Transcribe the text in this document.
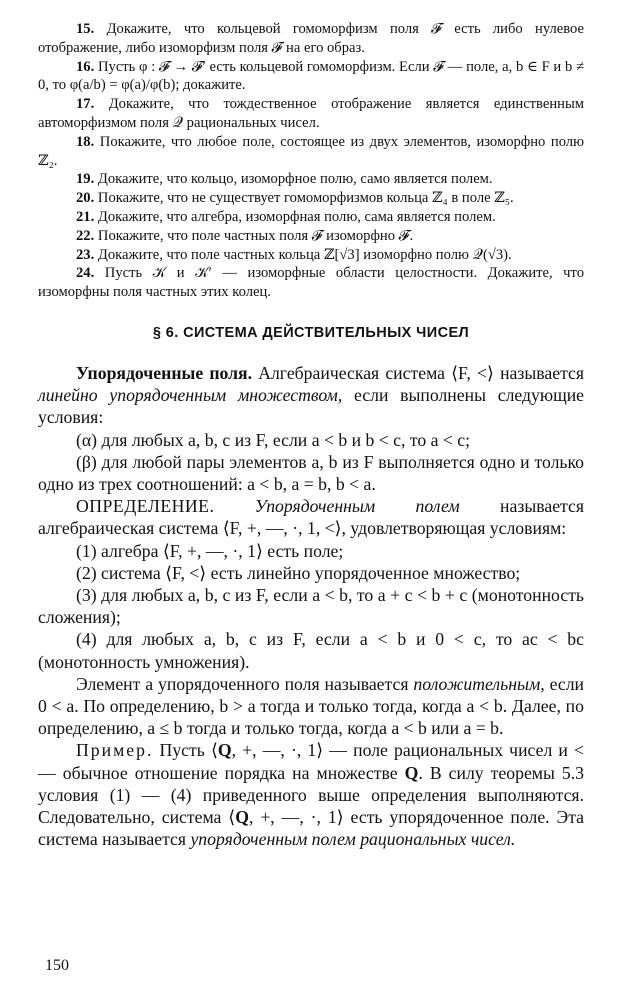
15. Докажите, что кольцевой гомоморфизм поля 𝓕 есть либо нулевое отображение, либо изоморфизм поля 𝓕 на его образ.

16. Пусть φ : 𝓕 → 𝓕′ есть кольцевой гомоморфизм. Если 𝓕 — поле, a, b ∈ F и b ≠ 0, то φ(a/b) = φ(a)/φ(b); докажите.

17. Докажите, что тождественное отображение является единственным автоморфизмом поля 𝒬 рациональных чисел.

18. Покажите, что любое поле, состоящее из двух элементов, изоморфно полю ℤ₂.

19. Докажите, что кольцо, изоморфное полю, само является полем.

20. Покажите, что не существует гомоморфизмов кольца ℤ₄ в поле ℤ₅.

21. Докажите, что алгебра, изоморфная полю, сама является полем.

22. Покажите, что поле частных поля 𝓕 изоморфно 𝓕.

23. Докажите, что поле частных кольца ℤ[√3] изоморфно полю 𝒬(√3).

24. Пусть 𝒦 и 𝒦′ — изоморфные области целостности. Докажите, что изоморфны поля частных этих колец.

§ 6. СИСТЕМА ДЕЙСТВИТЕЛЬНЫХ ЧИСЕЛ

Упорядоченные поля. Алгебраическая система ⟨F, <⟩ называется линейно упорядоченным множеством, если выполнены следующие условия:

(α) для любых a, b, c из F, если a < b и b < c, то a < c;

(β) для любой пары элементов a, b из F выполняется одно и только одно из трех соотношений: a < b, a = b, b < a.

ОПРЕДЕЛЕНИЕ. Упорядоченным полем называется алгебраическая система ⟨F, +, —, ·, 1, <⟩, удовлетворяющая условиям:

(1) алгебра ⟨F, +, —, ·, 1⟩ есть поле;

(2) система ⟨F, <⟩ есть линейно упорядоченное множество;

(3) для любых a, b, c из F, если a < b, то a + c < b + c (монотонность сложения);

(4) для любых a, b, c из F, если a < b и 0 < c, то ac < bc (монотонность умножения).

Элемент a упорядоченного поля называется положительным, если 0 < a. По определению, b > a тогда и только тогда, когда a < b. Далее, по определению, a ≤ b тогда и только тогда, когда a < b или a = b.

Пример. Пусть ⟨Q, +, —, ·, 1⟩ — поле рациональных чисел и < — обычное отношение порядка на множестве Q. В силу теоремы 5.3 условия (1) — (4) приведенного выше определения выполняются. Следовательно, система ⟨Q, +, —, ·, 1⟩ есть упорядоченное поле. Эта система называется упорядоченным полем рациональных чисел.

150
